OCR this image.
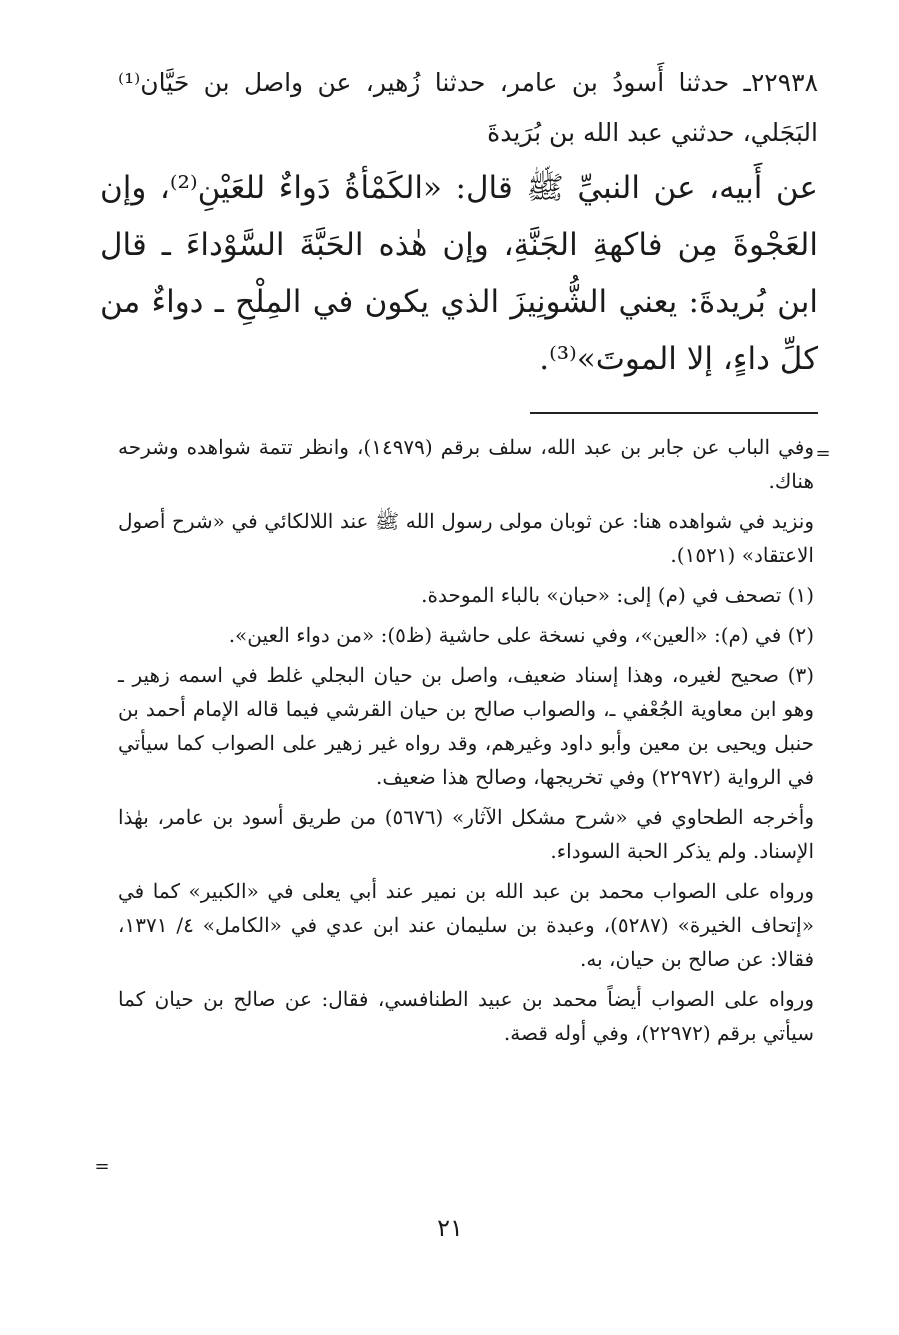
٢٢٩٣٨ـ حدثنا أَسودُ بن عامر، حدثنا زُهير، عن واصل بن حَيَّان⁽¹⁾ البَجَلي، حدثني عبد الله بن بُرَيدةَ
عن أَبيه، عن النبيِّ ﷺ قال: «الكَمْأةُ دَواءٌ للعَيْنِ⁽²⁾، وإن العَجْوةَ مِن فاكهةِ الجَنَّةِ، وإن هٰذه الحَبَّةَ السَّوْداءَ ـ قال ابن بُريدةَ: يعني الشُّونِيزَ الذي يكون في المِلْحِ ـ دواءٌ من كلِّ داءٍ، إلا الموتَ»⁽³⁾.
=

وفي الباب عن جابر بن عبد الله، سلف برقم (١٤٩٧٩)، وانظر تتمة شواهده وشرحه هناك.

ونزيد في شواهده هنا: عن ثوبان مولى رسول الله ﷺ عند اللالكائي في «شرح أصول الاعتقاد» (١٥٢١).

(١) تصحف في (م) إلى: «حبان» بالباء الموحدة.

(٢) في (م): «العين»، وفي نسخة على حاشية (ظ٥): «من دواء العين».

(٣) صحيح لغيره، وهذا إسناد ضعيف، واصل بن حيان البجلي غلط في اسمه زهير ـ وهو ابن معاوية الجُعْفي ـ، والصواب صالح بن حيان القرشي فيما قاله الإمام أحمد بن حنبل ويحيى بن معين وأبو داود وغيرهم، وقد رواه غير زهير على الصواب كما سيأتي في الرواية (٢٢٩٧٢) وفي تخريجها، وصالح هذا ضعيف.

وأخرجه الطحاوي في «شرح مشكل الآثار» (٥٦٧٦) من طريق أسود بن عامر، بهٰذا الإسناد. ولم يذكر الحبة السوداء.

ورواه على الصواب محمد بن عبد الله بن نمير عند أبي يعلى في «الكبير» كما في «إتحاف الخيرة» (٥٢٨٧)، وعبدة بن سليمان عند ابن عدي في «الكامل» ٤/ ١٣٧١، فقالا: عن صالح بن حيان، به.

ورواه على الصواب أيضاً محمد بن عبيد الطنافسي، فقال: عن صالح بن حيان كما سيأتي برقم (٢٢٩٧٢)، وفي أوله قصة.

=
٢١
